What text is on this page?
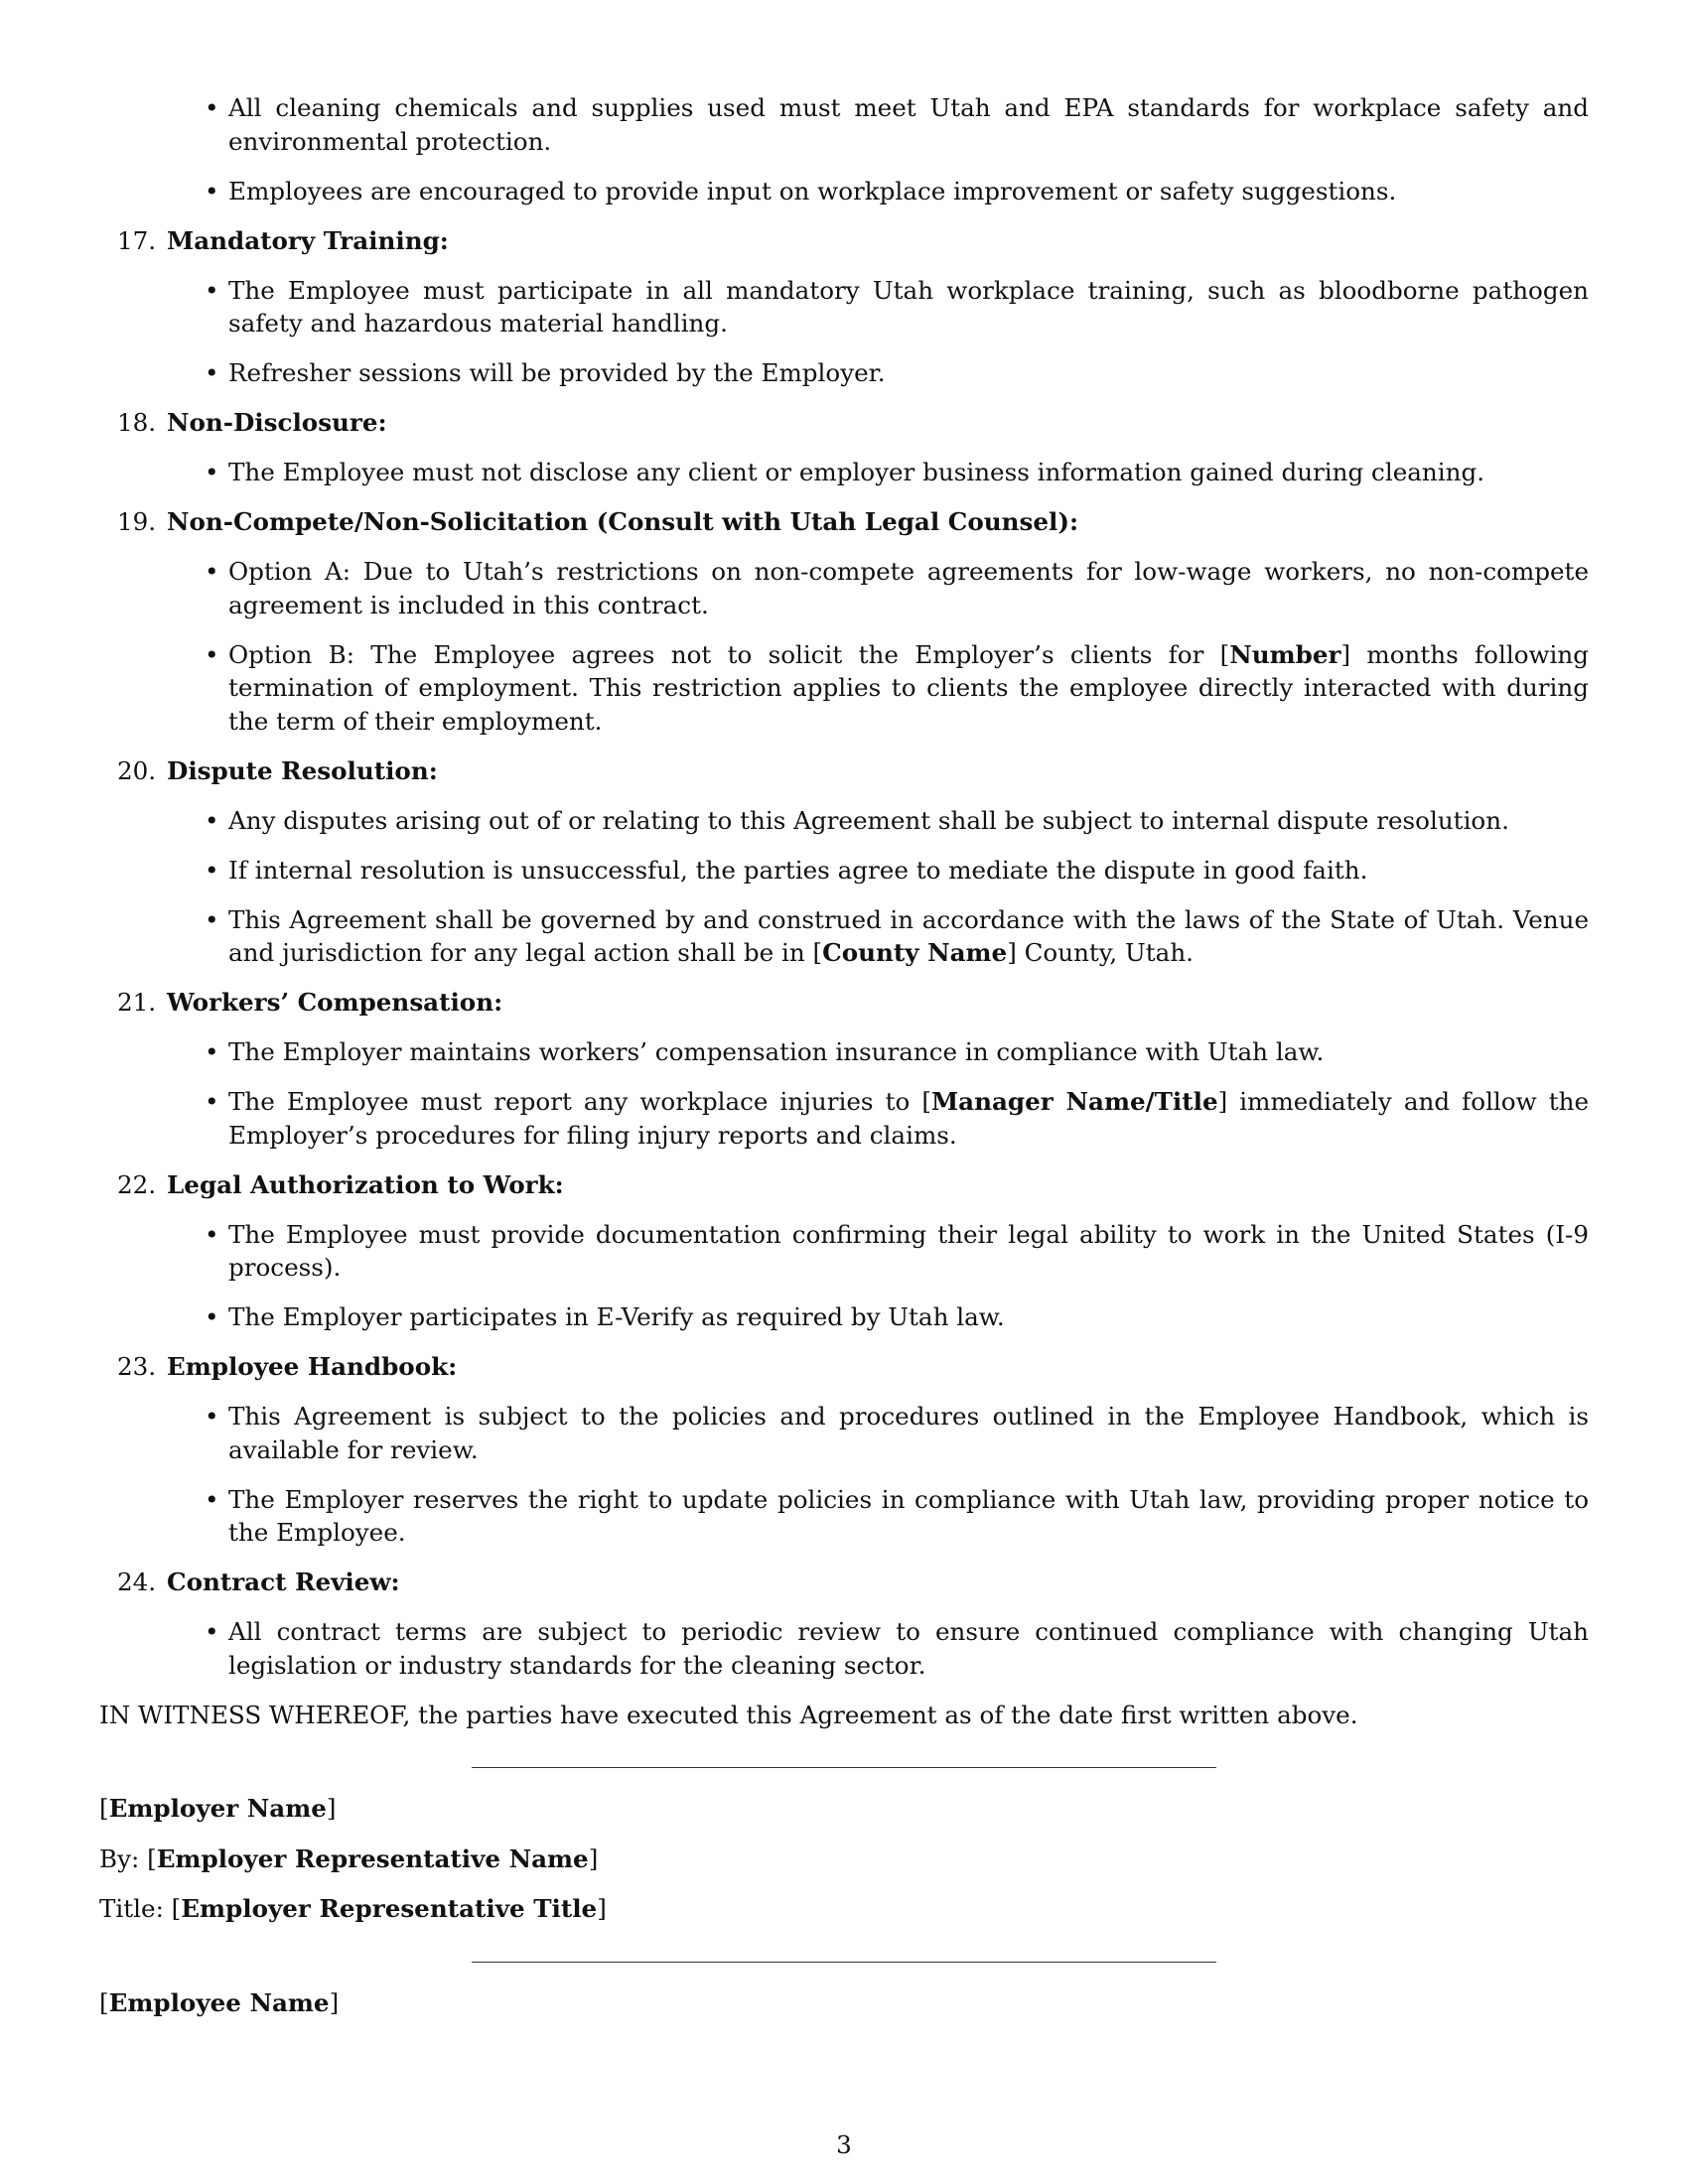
• All cleaning chemicals and supplies used must meet Utah and EPA standards for workplace safety and environmental protection.
• Employees are encouraged to provide input on workplace improvement or safety suggestions.
17. Mandatory Training:
• The Employee must participate in all mandatory Utah workplace training, such as bloodborne pathogen safety and hazardous material handling.
• Refresher sessions will be provided by the Employer.
18. Non-Disclosure:
• The Employee must not disclose any client or employer business information gained during cleaning.
19. Non-Compete/Non-Solicitation (Consult with Utah Legal Counsel):
• Option A: Due to Utah’s restrictions on non-compete agreements for low-wage workers, no non-compete agreement is included in this contract.
• Option B: The Employee agrees not to solicit the Employer’s clients for [Number] months following termination of employment. This restriction applies to clients the employee directly interacted with during the term of their employment.
20. Dispute Resolution:
• Any disputes arising out of or relating to this Agreement shall be subject to internal dispute resolution.
• If internal resolution is unsuccessful, the parties agree to mediate the dispute in good faith.
• This Agreement shall be governed by and construed in accordance with the laws of the State of Utah. Venue and jurisdiction for any legal action shall be in [County Name] County, Utah.
21. Workers’ Compensation:
• The Employer maintains workers’ compensation insurance in compliance with Utah law.
• The Employee must report any workplace injuries to [Manager Name/Title] immediately and follow the Employer’s procedures for filing injury reports and claims.
22. Legal Authorization to Work:
• The Employee must provide documentation confirming their legal ability to work in the United States (I-9 process).
• The Employer participates in E-Verify as required by Utah law.
23. Employee Handbook:
• This Agreement is subject to the policies and procedures outlined in the Employee Handbook, which is available for review.
• The Employer reserves the right to update policies in compliance with Utah law, providing proper notice to the Employee.
24. Contract Review:
• All contract terms are subject to periodic review to ensure continued compliance with changing Utah legislation or industry standards for the cleaning sector.
IN WITNESS WHEREOF, the parties have executed this Agreement as of the date first written above.
[Employer Name]
By: [Employer Representative Name]
Title: [Employer Representative Title]
[Employee Name]
3
